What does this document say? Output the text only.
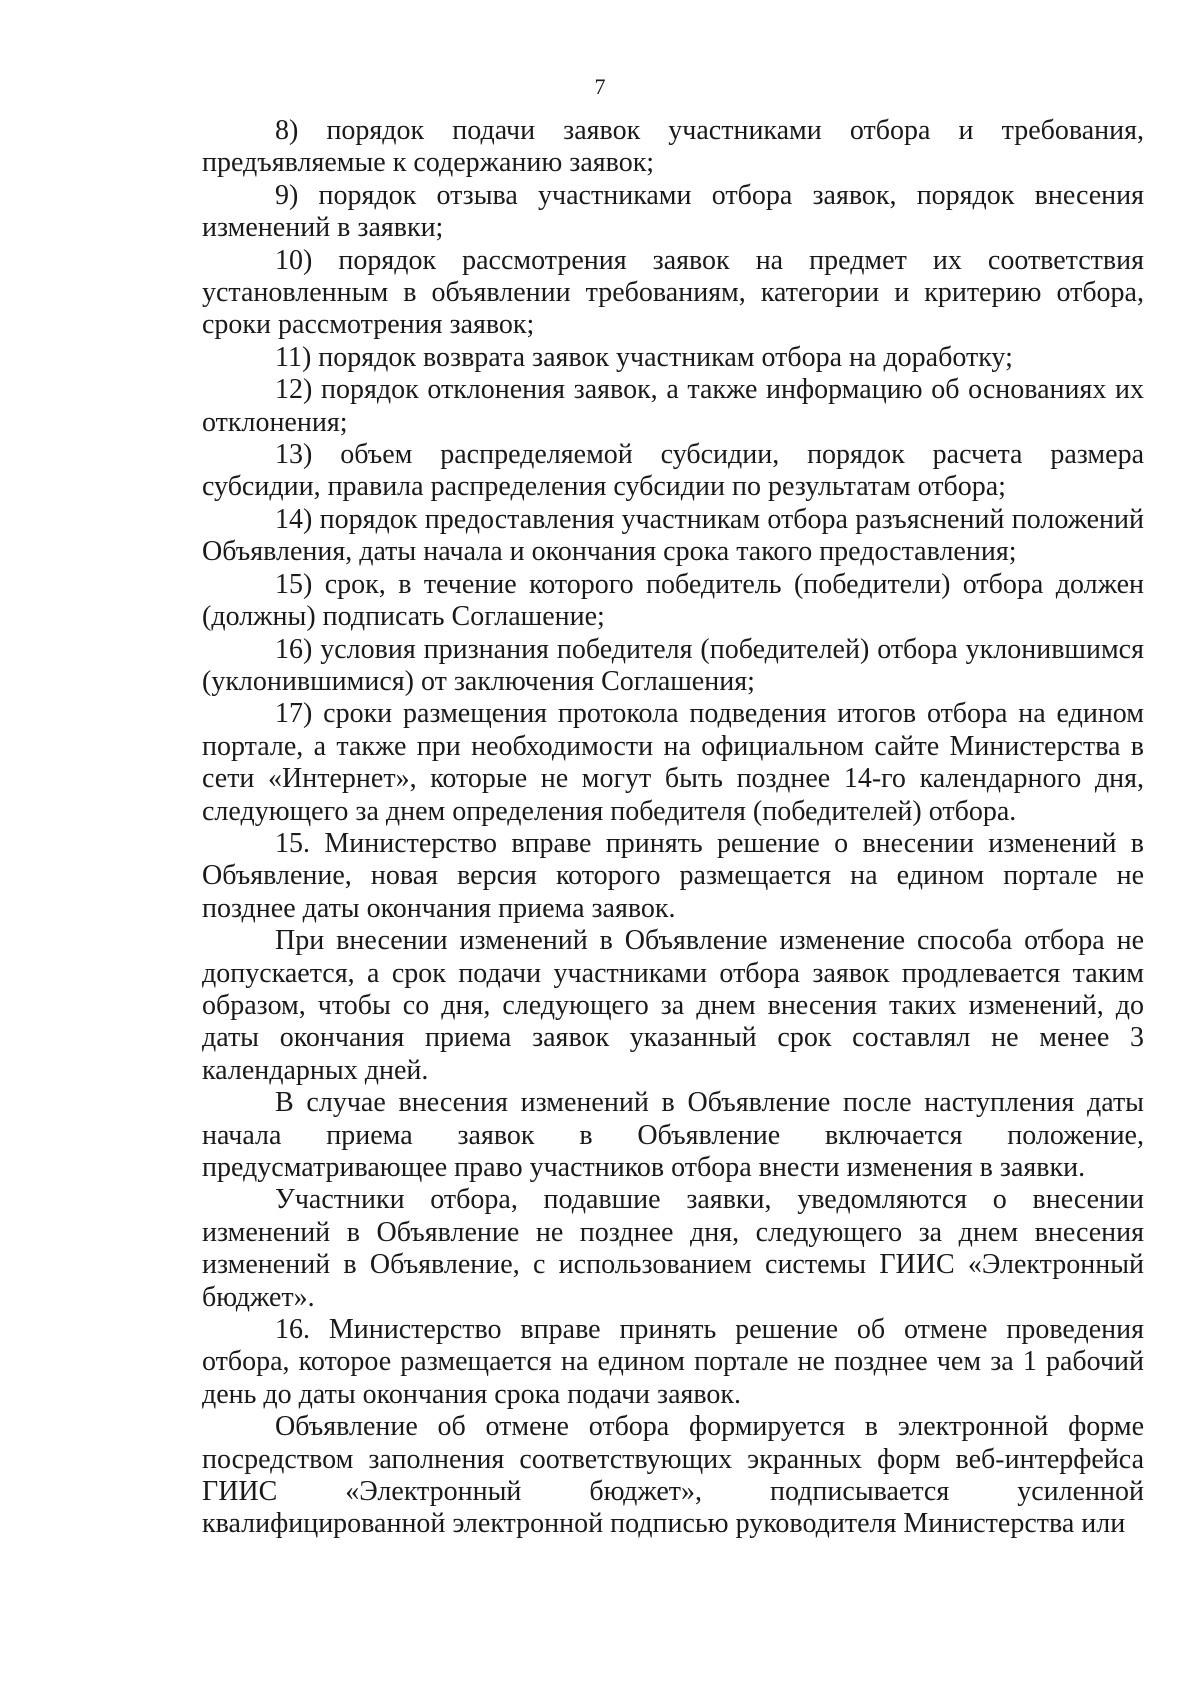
7

8) порядок подачи заявок участниками отбора и требования, предъявляемые к содержанию заявок;

9) порядок отзыва участниками отбора заявок, порядок внесения изменений в заявки;

10) порядок рассмотрения заявок на предмет их соответствия установленным в объявлении требованиям, категории и критерию отбора, сроки рассмотрения заявок;

11) порядок возврата заявок участникам отбора на доработку;

12) порядок отклонения заявок, а также информацию об основаниях их отклонения;

13) объем распределяемой субсидии, порядок расчета размера субсидии, правила распределения субсидии по результатам отбора;

14) порядок предоставления участникам отбора разъяснений положений Объявления, даты начала и окончания срока такого предоставления;

15) срок, в течение которого победитель (победители) отбора должен (должны) подписать Соглашение;

16) условия признания победителя (победителей) отбора уклонившимся (уклонившимися) от заключения Соглашения;

17) сроки размещения протокола подведения итогов отбора на едином портале, а также при необходимости на официальном сайте Министерства в сети «Интернет», которые не могут быть позднее 14-го календарного дня, следующего за днем определения победителя (победителей) отбора.

15. Министерство вправе принять решение о внесении изменений в Объявление, новая версия которого размещается на едином портале не позднее даты окончания приема заявок.

При внесении изменений в Объявление изменение способа отбора не допускается, а срок подачи участниками отбора заявок продлевается таким образом, чтобы со дня, следующего за днем внесения таких изменений, до даты окончания приема заявок указанный срок составлял не менее 3 календарных дней.

В случае внесения изменений в Объявление после наступления даты начала приема заявок в Объявление включается положение, предусматривающее право участников отбора внести изменения в заявки.

Участники отбора, подавшие заявки, уведомляются о внесении изменений в Объявление не позднее дня, следующего за днем внесения изменений в Объявление, с использованием системы ГИИС «Электронный бюджет».

16. Министерство вправе принять решение об отмене проведения отбора, которое размещается на едином портале не позднее чем за 1 рабочий день до даты окончания срока подачи заявок.

Объявление об отмене отбора формируется в электронной форме посредством заполнения соответствующих экранных форм веб-интерфейса ГИИС «Электронный бюджет», подписывается усиленной квалифицированной электронной подписью руководителя Министерства или
